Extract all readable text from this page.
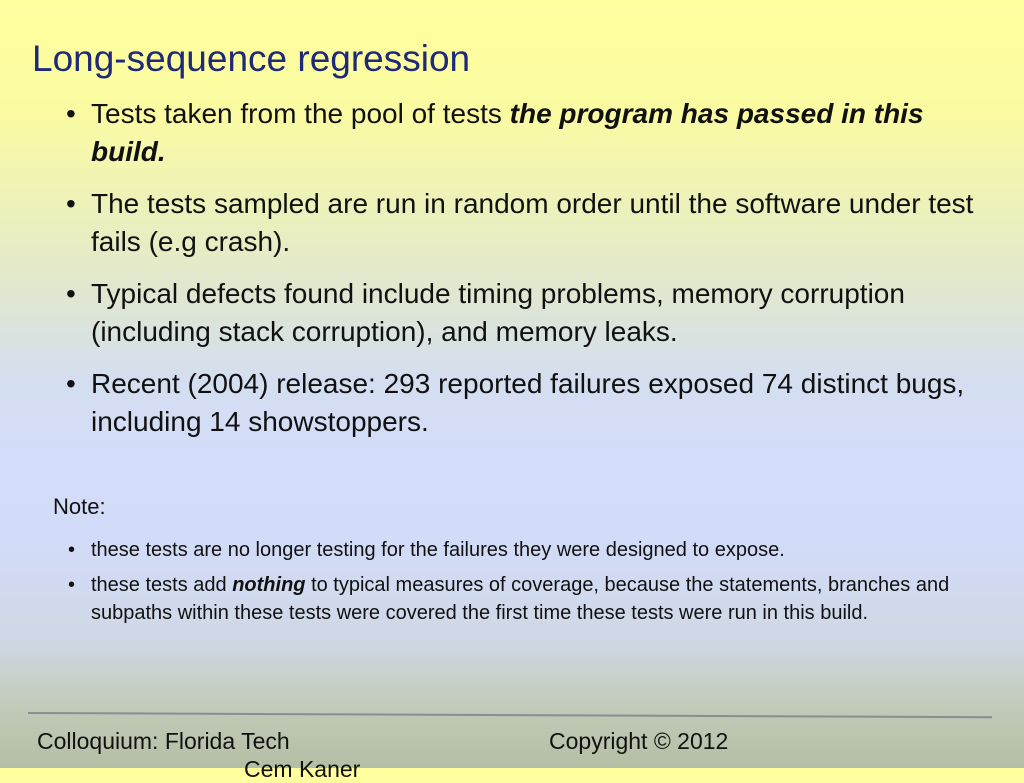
Long-sequence regression
• Tests taken from the pool of tests the program has passed in this build.
• The tests sampled are run in random order until the software under test fails (e.g crash).
• Typical defects found include timing problems, memory corruption (including stack corruption), and memory leaks.
• Recent (2004) release: 293 reported failures exposed 74 distinct bugs, including 14 showstoppers.
Note:
• these tests are no longer testing for the failures they were designed to expose.
• these tests add nothing to typical measures of coverage, because the statements, branches and subpaths within these tests were covered the first time these tests were run in this build.
Colloquium: Florida Tech
Cem Kaner
Copyright © 2012
